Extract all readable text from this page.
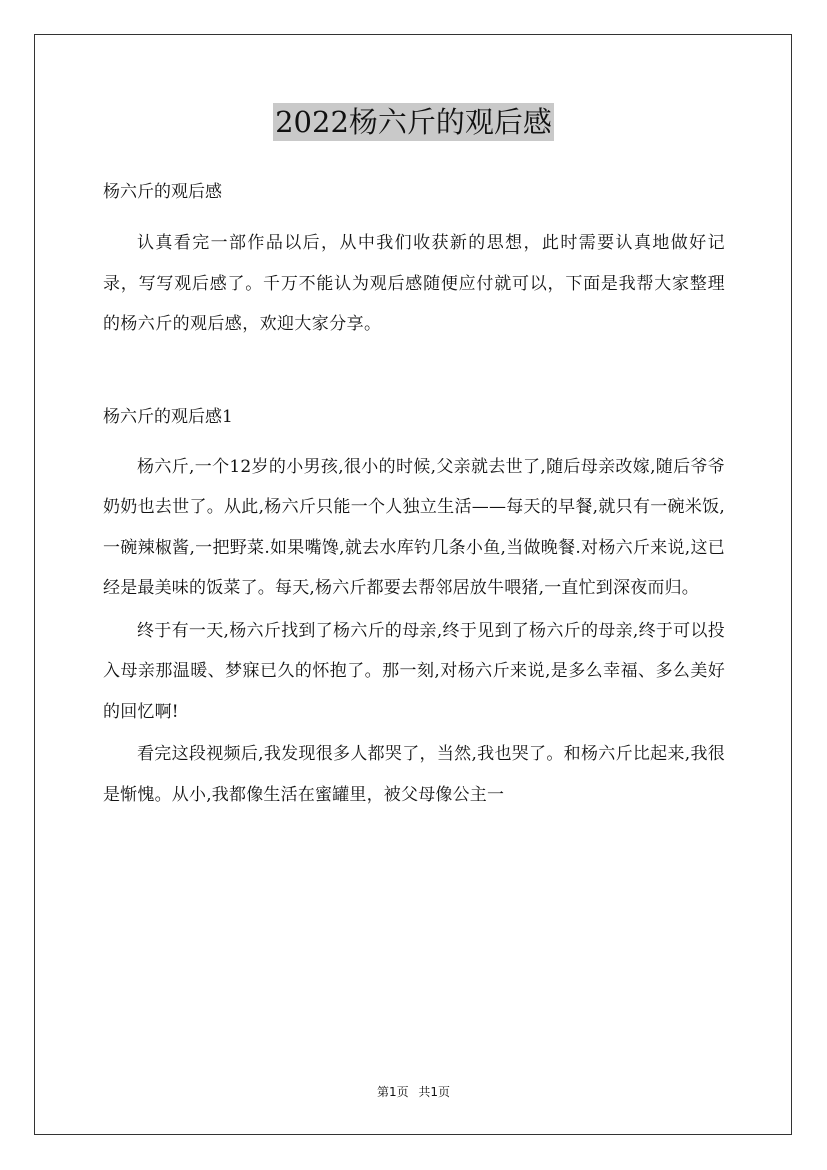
2022杨六斤的观后感

杨六斤的观后感

认真看完一部作品以后，从中我们收获新的思想，此时需要认真地做好记录，写写观后感了。千万不能认为观后感随便应付就可以，下面是我帮大家整理的杨六斤的观后感，欢迎大家分享。

杨六斤的观后感1

杨六斤,一个12岁的小男孩,很小的时候,父亲就去世了,随后母亲改嫁,随后爷爷奶奶也去世了。从此,杨六斤只能一个人独立生活——每天的早餐,就只有一碗米饭,一碗辣椒酱,一把野菜.如果嘴馋,就去水库钓几条小鱼,当做晚餐.对杨六斤来说,这已经是最美味的饭菜了。每天,杨六斤都要去帮邻居放牛喂猪,一直忙到深夜而归。

终于有一天,杨六斤找到了杨六斤的母亲,终于见到了杨六斤的母亲,终于可以投入母亲那温暖、梦寐已久的怀抱了。那一刻,对杨六斤来说,是多么幸福、多么美好的回忆啊!

看完这段视频后,我发现很多人都哭了，当然,我也哭了。和杨六斤比起来,我很是惭愧。从小,我都像生活在蜜罐里，被父母像公主一

第1页 共1页
